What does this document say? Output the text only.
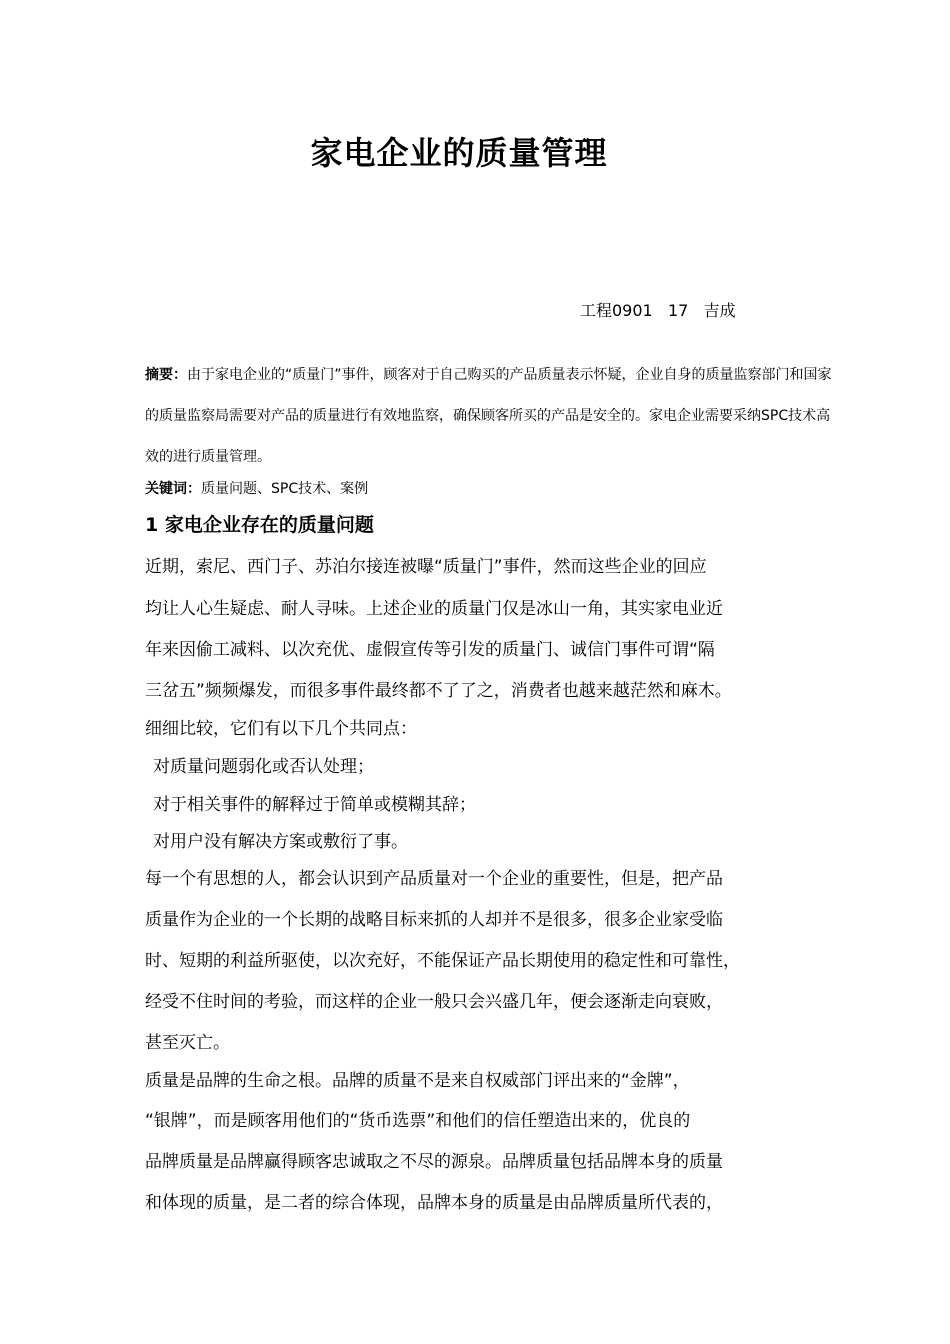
家电企业的质量管理
工程0901   17   吉成
摘要：由于家电企业的“质量门”事件，顾客对于自己购买的产品质量表示怀疑，企业自身的质量监察部门和国家的质量监察局需要对产品的质量进行有效地监察，确保顾客所买的产品是安全的。家电企业需要采纳SPC技术高效的进行质量管理。
关键词：质量问题、SPC技术、案例
1 家电企业存在的质量问题
近期，索尼、西门子、苏泊尔接连被曝“质量门”事件，然而这些企业的回应
均让人心生疑虑、耐人寻味。上述企业的质量门仅是冰山一角，其实家电业近
年来因偷工减料、以次充优、虚假宣传等引发的质量门、诚信门事件可谓“隔
三岔五”频频爆发，而很多事件最终都不了了之，消费者也越来越茫然和麻木。
细细比较，它们有以下几个共同点：
对质量问题弱化或否认处理；
对于相关事件的解释过于简单或模糊其辞；
对用户没有解决方案或敷衍了事。
每一个有思想的人，都会认识到产品质量对一个企业的重要性，但是，把产品
质量作为企业的一个长期的战略目标来抓的人却并不是很多，很多企业家受临
时、短期的利益所驱使，以次充好，不能保证产品长期使用的稳定性和可靠性，
经受不住时间的考验，而这样的企业一般只会兴盛几年，便会逐渐走向衰败，
甚至灭亡。
质量是品牌的生命之根。品牌的质量不是来自权威部门评出来的“金牌”，
“银牌”，而是顾客用他们的“货币选票”和他们的信任塑造出来的，优良的
品牌质量是品牌赢得顾客忠诚取之不尽的源泉。品牌质量包括品牌本身的质量
和体现的质量，是二者的综合体现，品牌本身的质量是由品牌质量所代表的，
